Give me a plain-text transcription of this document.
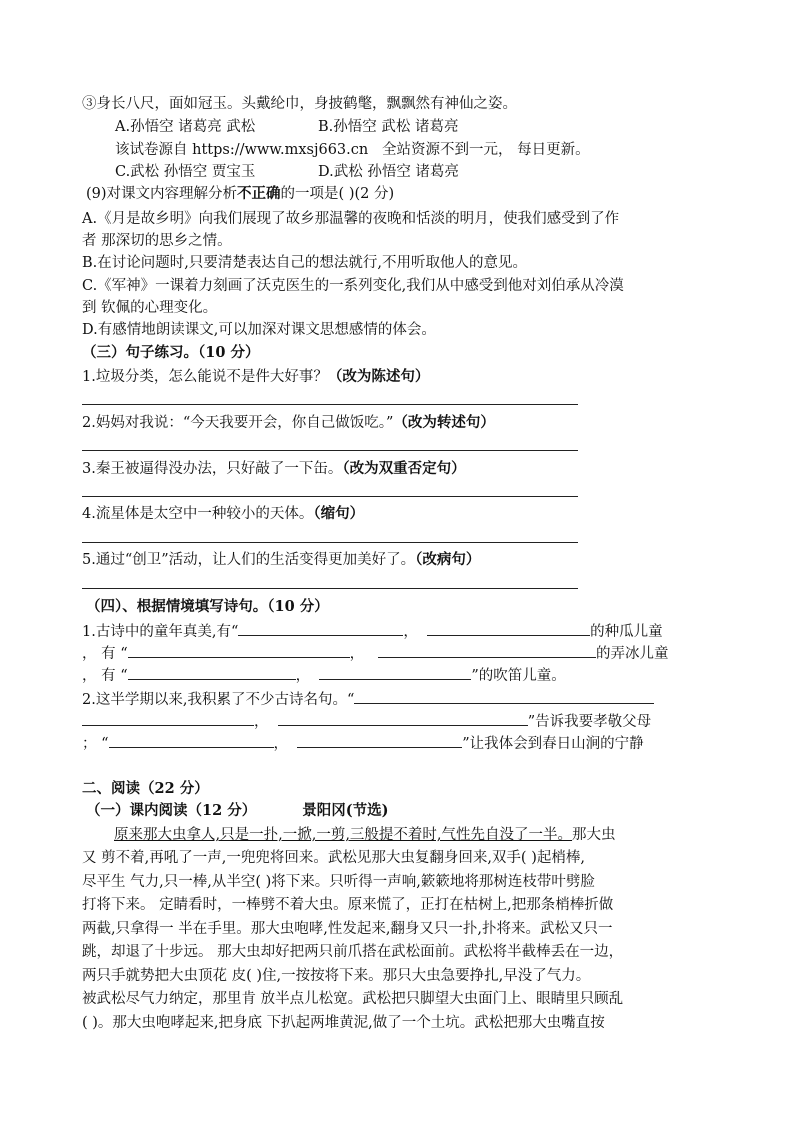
③身长八尺，面如冠玉。头戴纶巾，身披鹤氅，飘飘然有神仙之姿。
A.孙悟空 诸葛亮 武松	B.孙悟空 武松 诸葛亮
该试卷源自 https://www.mxsj663.cn 全站资源不到一元， 每日更新。
C.武松 孙悟空 贾宝玉	D.武松 孙悟空 诸葛亮
(9)对课文内容理解分析不正确的一项是( )(2 分)
A.《月是故乡明》向我们展现了故乡那温馨的夜晚和恬淡的明月，使我们感受到了作
者 那深切的思乡之情。
B.在讨论问题时,只要清楚表达自己的想法就行,不用听取他人的意见。
C.《军神》一课着力刻画了沃克医生的一系列变化,我们从中感受到他对刘伯承从冷漠
到 钦佩的心理变化。
D.有感情地朗读课文,可以加深对课文思想感情的体会。
（三）句子练习。（10 分）
1.垃圾分类，怎么能说不是件大好事？（改为陈述句）
2.妈妈对我说：“今天我要开会，你自己做饭吃。”（改为转述句）
3.秦王被逼得没办法，只好敲了一下缶。（改为双重否定句）
4.流星体是太空中一种较小的天体。（缩句）
5.通过“创卫”活动，让人们的生活变得更加美好了。（改病句）
（四）、根据情境填写诗句。（10 分）
1.古诗中的童年真美,有“	，	的种瓜儿童
， 有 “	，	的弄冰儿童
， 有 “	，	”的吹笛儿童。
2.这半学期以来,我积累了不少古诗名句。“
，	”告诉我要孝敬父母
； “	，	”让我体会到春日山涧的宁静
二、阅读（22 分）
（一）课内阅读（12 分）	景阳冈(节选)
原来那大虫拿人,只是一扑,一掀,一剪,三般提不着时,气性先自没了一半。那大虫
又 剪不着,再吼了一声,一兜兜将回来。武松见那大虫复翻身回来,双手( )起梢棒,
尽平生 气力,只一棒,从半空( )将下来。只听得一声响,簌簌地将那树连枝带叶劈脸
打将下来。 定睛看时，一棒劈不着大虫。原来慌了，正打在枯树上,把那条梢棒折做
两截,只拿得一 半在手里。那大虫咆哮,性发起来,翻身又只一扑,扑将来。武松又只一
跳，却退了十步远。 那大虫却好把两只前爪搭在武松面前。武松将半截棒丢在一边，
两只手就势把大虫顶花 皮( )住,一按按将下来。那只大虫急要挣扎,早没了气力。
被武松尽气力纳定，那里肯 放半点儿松宽。武松把只脚望大虫面门上、眼睛里只顾乱
( )。那大虫咆哮起来,把身底 下扒起两堆黄泥,做了一个土坑。武松把那大虫嘴直按
